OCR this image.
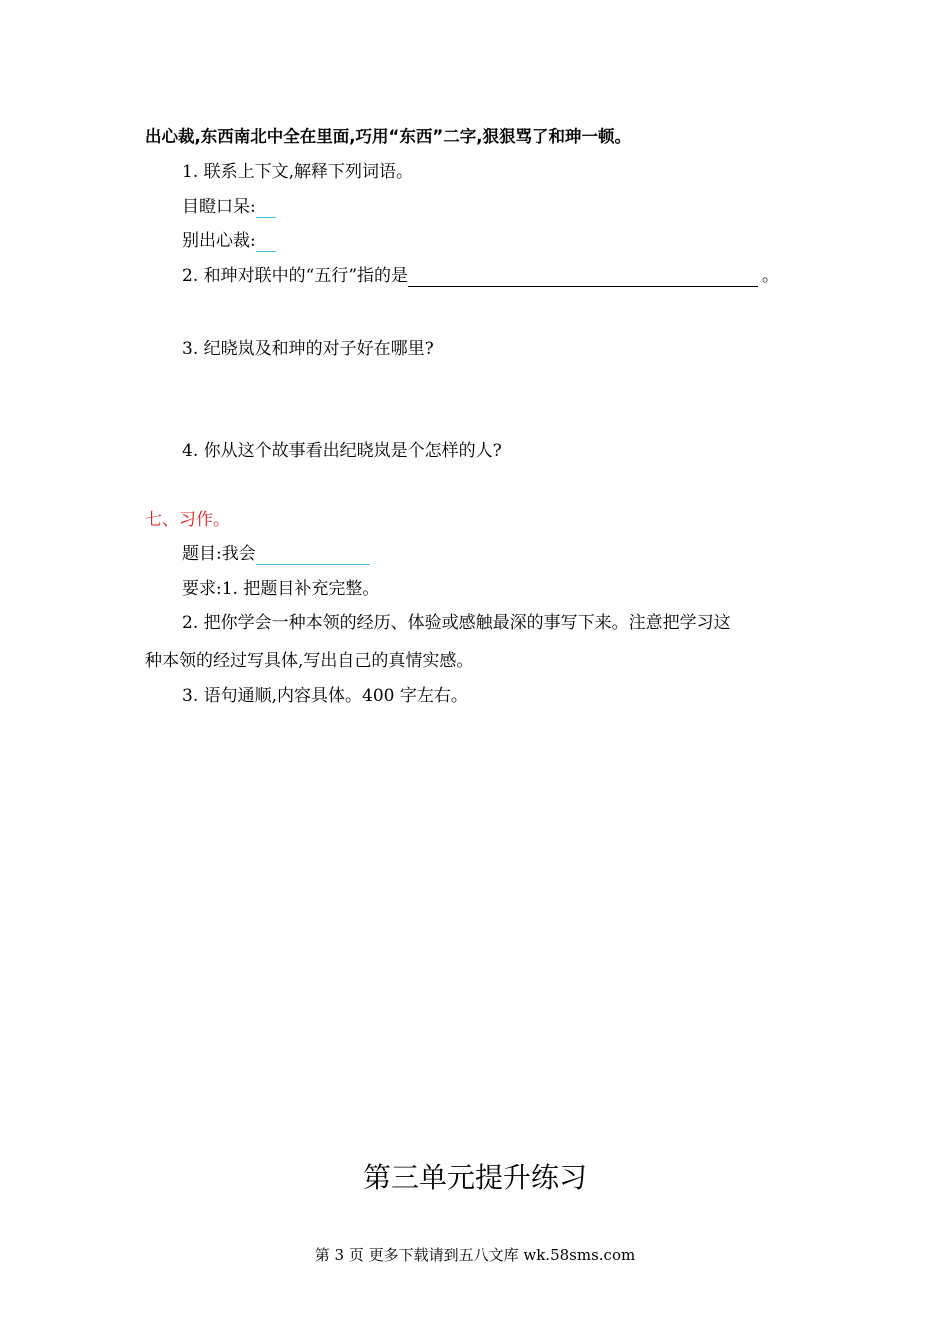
出心裁,东西南北中全在里面,巧用“东西”二字,狠狠骂了和珅一顿。
1. 联系上下文,解释下列词语。
目瞪口呆:
别出心裁:
2. 和珅对联中的“五行”指的是	。
3. 纪晓岚及和珅的对子好在哪里?
4. 你从这个故事看出纪晓岚是个怎样的人?
七、习作。
题目:我会
要求:1. 把题目补充完整。
2. 把你学会一种本领的经历、体验或感触最深的事写下来。注意把学习这
种本领的经过写具体,写出自己的真情实感。
3. 语句通顺,内容具体。400 字左右。
第三单元提升练习
第 3 页 更多下载请到五八文库 wk.58sms.com
